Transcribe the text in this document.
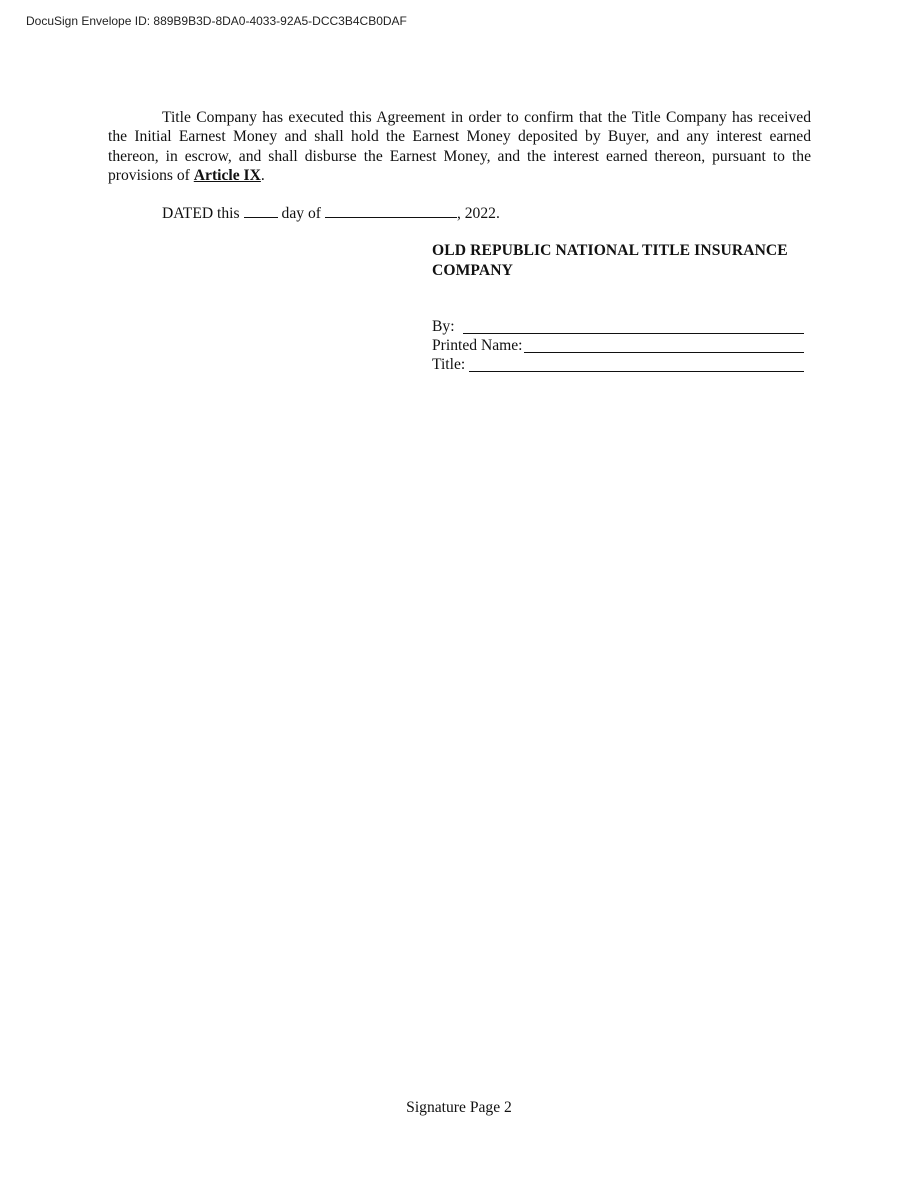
DocuSign Envelope ID: 889B9B3D-8DA0-4033-92A5-DCC3B4CB0DAF
Title Company has executed this Agreement in order to confirm that the Title Company has received the Initial Earnest Money and shall hold the Earnest Money deposited by Buyer, and any interest earned thereon, in escrow, and shall disburse the Earnest Money, and the interest earned thereon, pursuant to the provisions of Article IX.
DATED this	day of	, 2022.
OLD REPUBLIC NATIONAL TITLE INSURANCE COMPANY
By:
Printed Name:
Title:
Signature Page 2
